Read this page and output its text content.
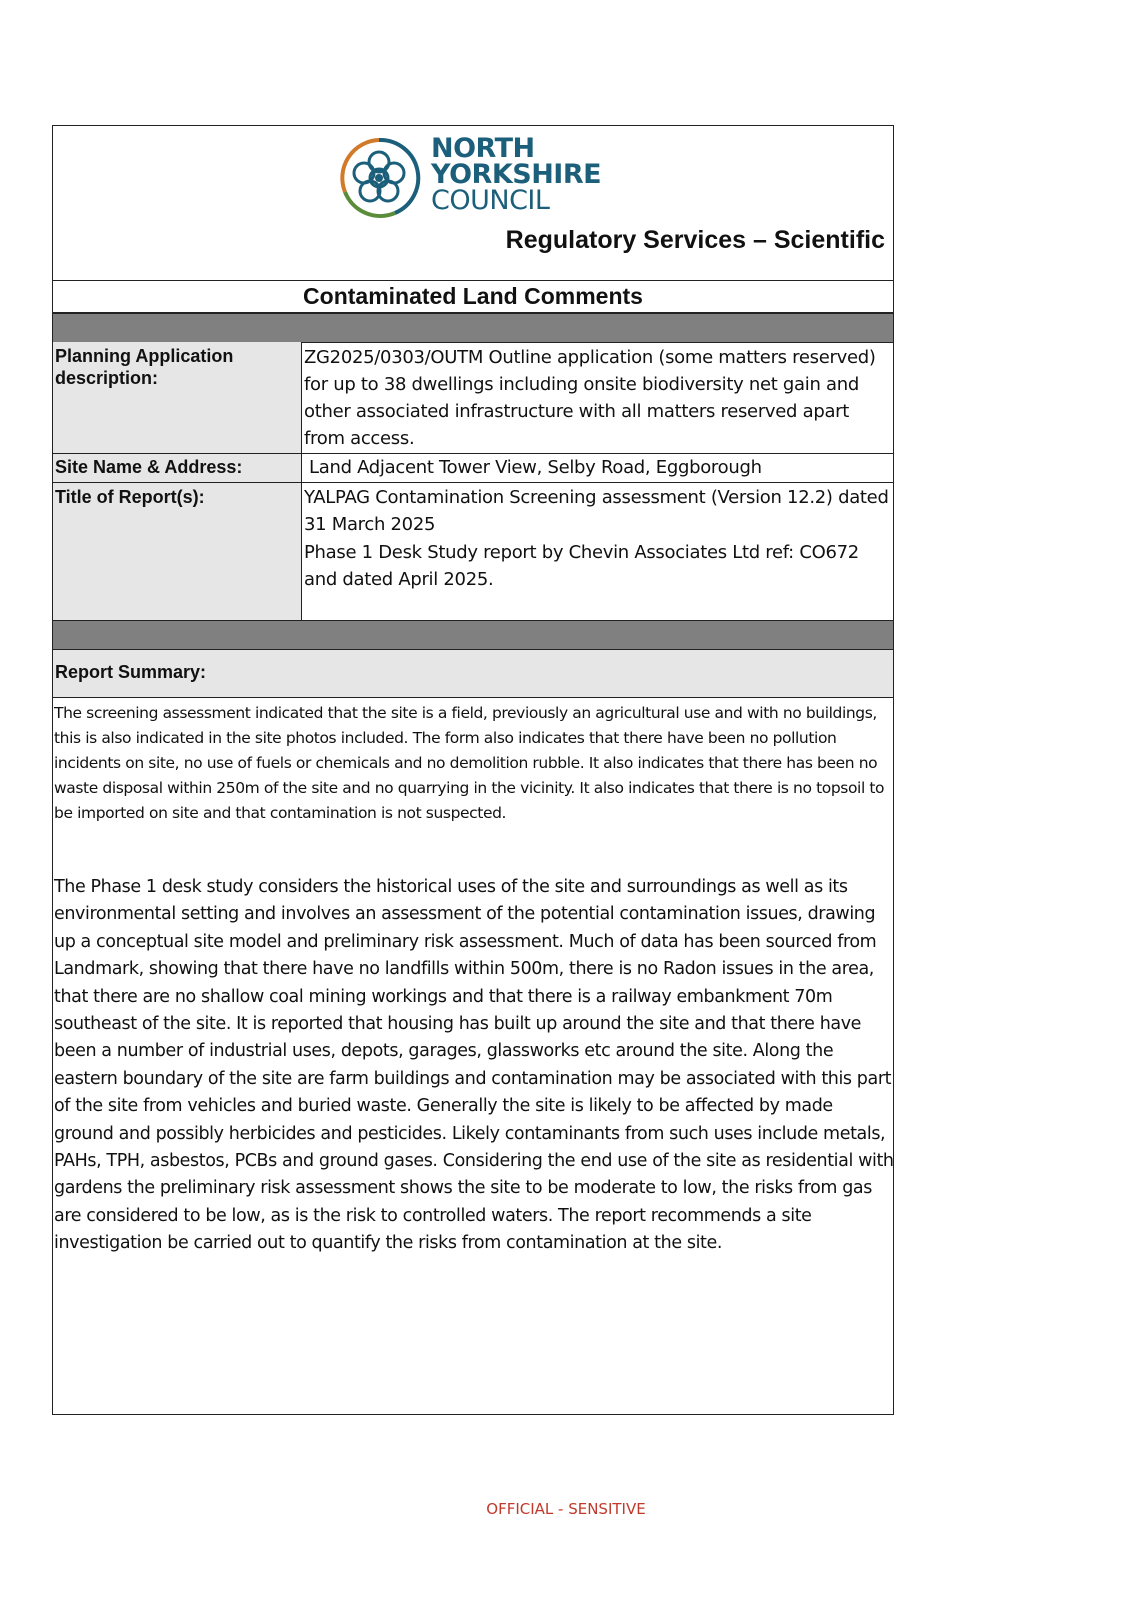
NORTH
YORKSHIRE
COUNCIL
Regulatory Services – Scientific
Contaminated Land Comments
Planning Application description:
ZG2025/0303/OUTM Outline application (some matters reserved) for up to 38 dwellings including onsite biodiversity net gain and other associated infrastructure with all matters reserved apart from access.
Site Name & Address:	Land Adjacent Tower View, Selby Road, Eggborough
Title of Report(s):	YALPAG Contamination Screening assessment (Version 12.2) dated 31 March 2025
Phase 1 Desk Study report by Chevin Associates Ltd ref: CO672 and dated April 2025.
Report Summary:
The screening assessment indicated that the site is a field, previously an agricultural use and with no buildings, this is also indicated in the site photos included. The form also indicates that there have been no pollution incidents on site, no use of fuels or chemicals and no demolition rubble. It also indicates that there has been no waste disposal within 250m of the site and no quarrying in the vicinity. It also indicates that there is no topsoil to be imported on site and that contamination is not suspected.
The Phase 1 desk study considers the historical uses of the site and surroundings as well as its environmental setting and involves an assessment of the potential contamination issues, drawing up a conceptual site model and preliminary risk assessment. Much of data has been sourced from Landmark, showing that there have no landfills within 500m, there is no Radon issues in the area, that there are no shallow coal mining workings and that there is a railway embankment 70m southeast of the site. It is reported that housing has built up around the site and that there have been a number of industrial uses, depots, garages, glassworks etc around the site. Along the eastern boundary of the site are farm buildings and contamination may be associated with this part of the site from vehicles and buried waste. Generally the site is likely to be affected by made ground and possibly herbicides and pesticides. Likely contaminants from such uses include metals, PAHs, TPH, asbestos, PCBs and ground gases. Considering the end use of the site as residential with gardens the preliminary risk assessment shows the site to be moderate to low, the risks from gas are considered to be low, as is the risk to controlled waters. The report recommends a site investigation be carried out to quantify the risks from contamination at the site.
OFFICIAL - SENSITIVE
